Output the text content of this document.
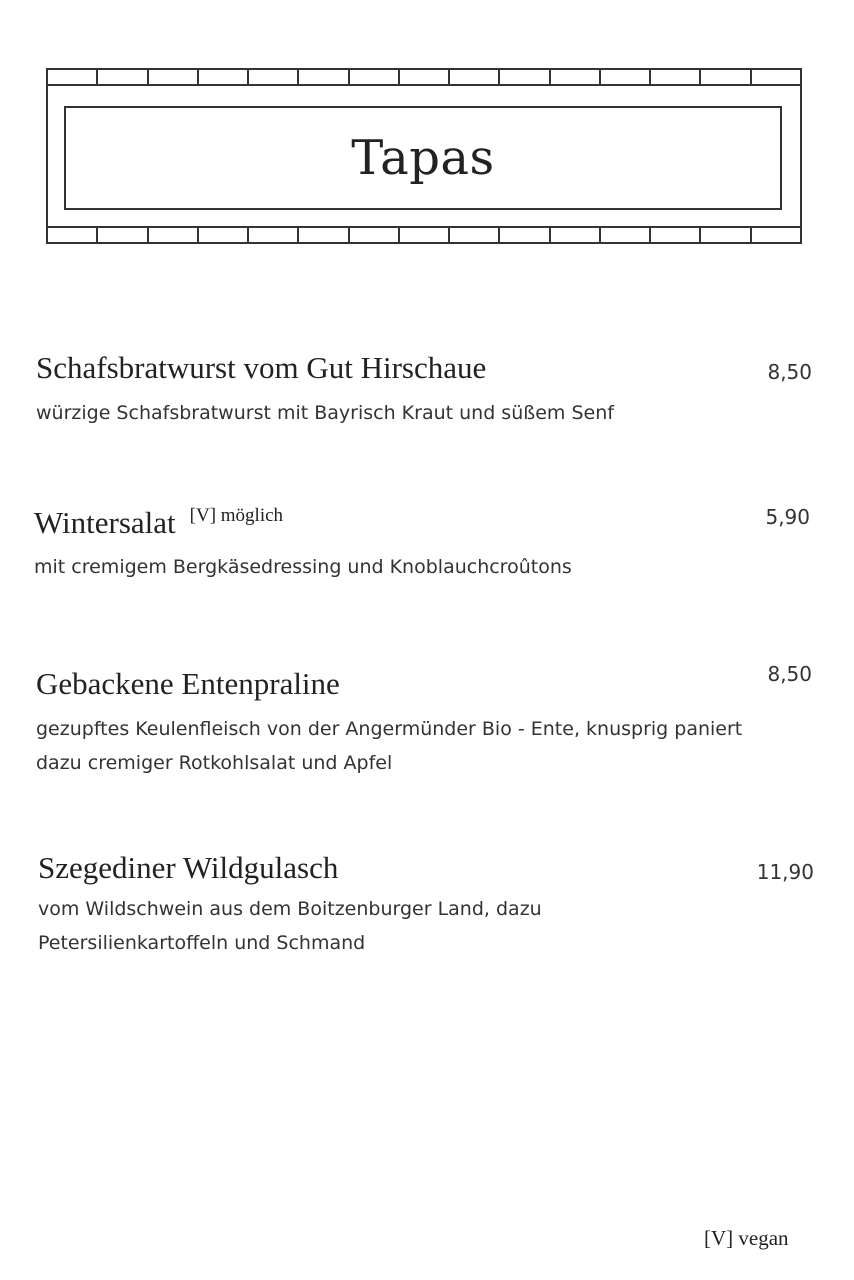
Tapas
8,50
Schafsbratwurst vom Gut Hirschaue
würzige Schafsbratwurst mit Bayrisch Kraut und süßem Senf
5,90
Wintersalat $^{[V] möglich}$
mit cremigem Bergkäsedressing und Knoblauchcroûtons
8,50
Gebackene Entenpraline
gezupftes Keulenfleisch von der Angermünder Bio - Ente, knusprig paniert dazu cremiger Rotkohlsalat und Apfel
11,90
Szegediner Wildgulasch
vom Wildschwein aus dem Boitzenburger Land, dazu Petersilienkartoffeln und Schmand
[V] vegan
